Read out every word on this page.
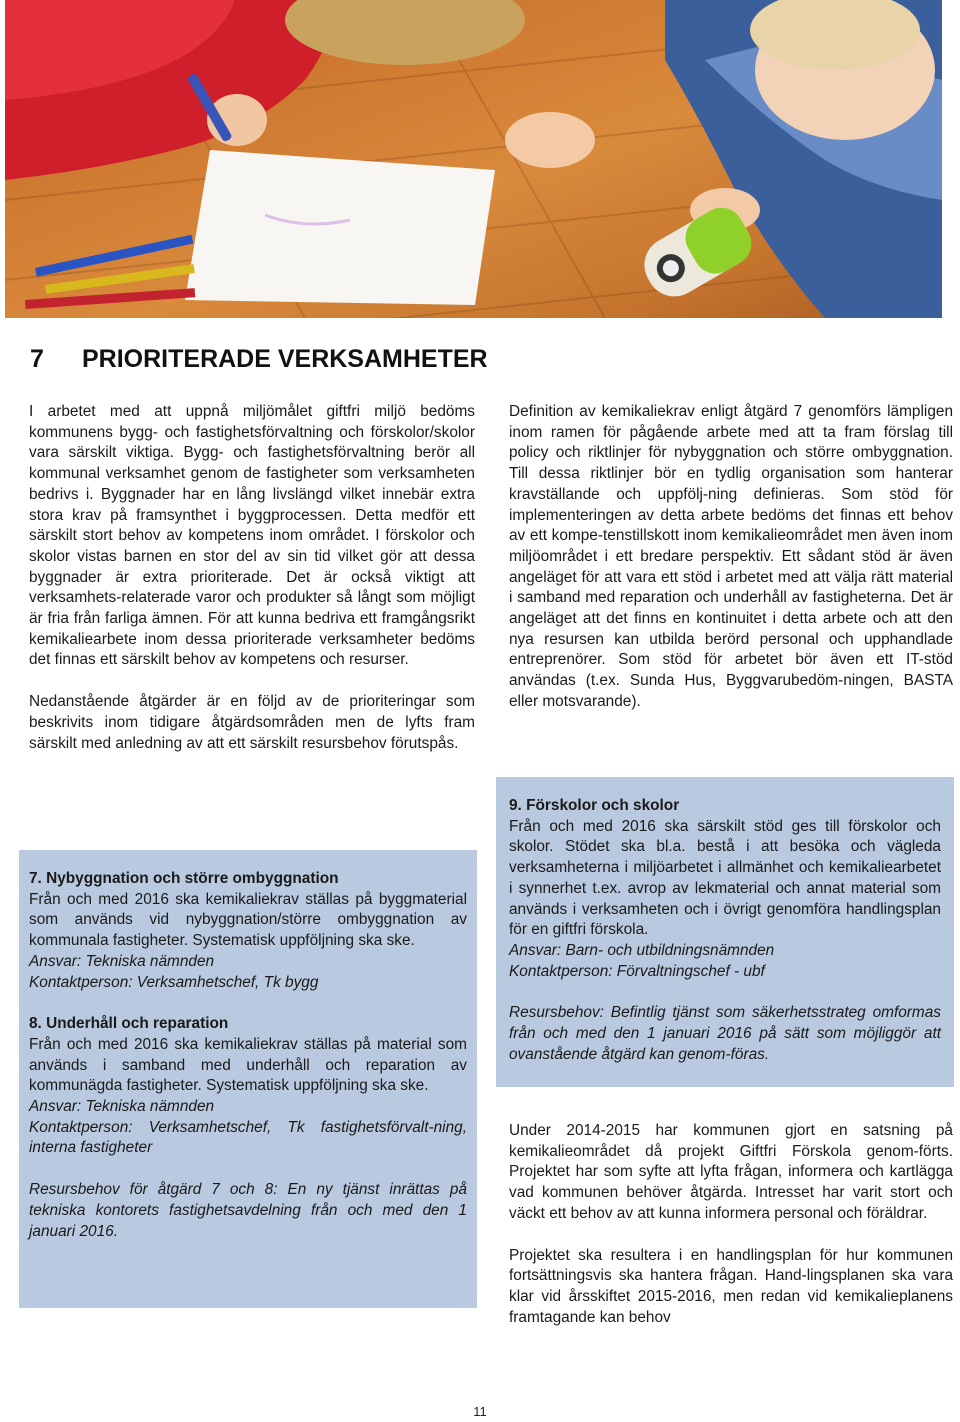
7 PRIORITERADE VERKSAMHETER

I arbetet med att uppnå miljömålet giftfri miljö bedöms kommunens bygg- och fastighetsförvaltning och förskolor/skolor vara särskilt viktiga. Bygg- och fastighetsförvaltning berör all kommunal verksamhet genom de fastigheter som verksamheten bedrivs i. Byggnader har en lång livslängd vilket innebär extra stora krav på framsynthet i byggprocessen. Detta medför ett särskilt stort behov av kompetens inom området. I förskolor och skolor vistas barnen en stor del av sin tid vilket gör att dessa byggnader är extra prioriterade. Det är också viktigt att verksamhets-relaterade varor och produkter så långt som möjligt är fria från farliga ämnen. För att kunna bedriva ett framgångsrikt kemikaliearbete inom dessa prioriterade verksamheter bedöms det finnas ett särskilt behov av kompetens och resurser.

Nedanstående åtgärder är en följd av de prioriteringar som beskrivits inom tidigare åtgärdsområden men de lyfts fram särskilt med anledning av att ett särskilt resursbehov förutspås.

7. Nybyggnation och större ombyggnation

Från och med 2016 ska kemikaliekrav ställas på byggmaterial som används vid nybyggnation/större ombyggnation av kommunala fastigheter. Systematisk uppföljning ska ske.

Ansvar: Tekniska nämnden

Kontaktperson: Verksamhetschef, Tk bygg

8. Underhåll och reparation

Från och med 2016 ska kemikaliekrav ställas på material som används i samband med underhåll och reparation av kommunägda fastigheter. Systematisk uppföljning ska ske.

Ansvar: Tekniska nämnden

Kontaktperson: Verksamhetschef, Tk fastighetsförvalt-ning, interna fastigheter

Resursbehov för åtgärd 7 och 8: En ny tjänst inrättas på tekniska kontorets fastighetsavdelning från och med den 1 januari 2016.

Definition av kemikaliekrav enligt åtgärd 7 genomförs lämpligen inom ramen för pågående arbete med att ta fram förslag till policy och riktlinjer för nybyggnation och större ombyggnation. Till dessa riktlinjer bör en tydlig organisation som hanterar kravställande och uppfölj-ning definieras. Som stöd för implementeringen av detta arbete bedöms det finnas ett behov av ett kompe-tenstillskott inom kemikalieområdet men även inom miljöområdet i ett bredare perspektiv. Ett sådant stöd är även angeläget för att vara ett stöd i arbetet med att välja rätt material i samband med reparation och underhåll av fastigheterna. Det är angeläget att det finns en kontinuitet i detta arbete och att den nya resursen kan utbilda berörd personal och upphandlade entreprenörer. Som stöd för arbetet bör även ett IT-stöd användas (t.ex. Sunda Hus, Byggvarubedöm-ningen, BASTA eller motsvarande).

9. Förskolor och skolor

Från och med 2016 ska särskilt stöd ges till förskolor och skolor. Stödet ska bl.a. bestå i att besöka och vägleda verksamheterna i miljöarbetet i allmänhet och kemikaliearbetet i synnerhet t.ex. avrop av lekmaterial och annat material som används i verksamheten och i övrigt genomföra handlingsplan för en giftfri förskola.

Ansvar: Barn- och utbildningsnämnden

Kontaktperson: Förvaltningschef - ubf

Resursbehov: Befintlig tjänst som säkerhetsstrateg omformas från och med den 1 januari 2016 på sätt som möjliggör att ovanstående åtgärd kan genom-föras.

Under 2014-2015 har kommunen gjort en satsning på kemikalieområdet då projekt Giftfri Förskola genom-förts. Projektet har som syfte att lyfta frågan, informera och kartlägga vad kommunen behöver åtgärda. Intresset har varit stort och väckt ett behov av att kunna informera personal och föräldrar.

Projektet ska resultera i en handlingsplan för hur kommunen fortsättningsvis ska hantera frågan. Hand-lingsplanen ska vara klar vid årsskiftet 2015-2016, men redan vid kemikalieplanens framtagande kan behov

11
